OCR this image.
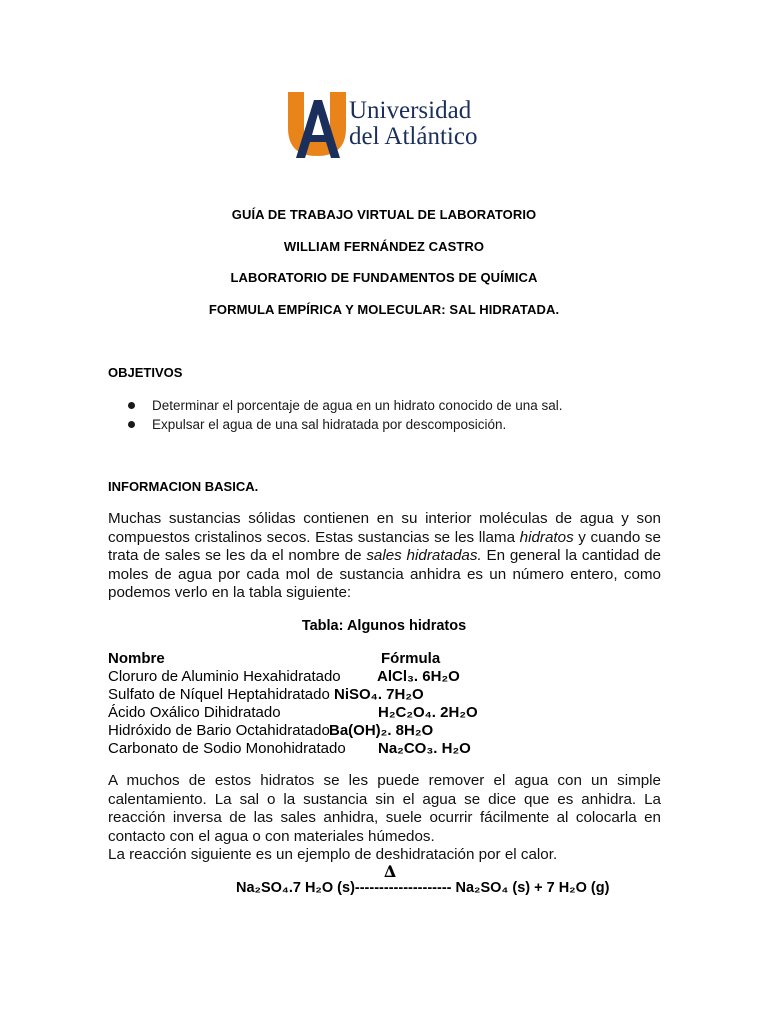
Universidad
del Atlántico
GUÍA DE TRABAJO VIRTUAL DE LABORATORIO
WILLIAM FERNÁNDEZ CASTRO
LABORATORIO DE FUNDAMENTOS DE QUÍMICA
FORMULA EMPÍRICA Y MOLECULAR: SAL HIDRATADA.
OBJETIVOS
Determinar el porcentaje de agua en un hidrato conocido de una sal.
Expulsar el agua de una sal hidratada por descomposición.
INFORMACION BASICA.
Muchas sustancias sólidas contienen en su interior moléculas de agua y son
compuestos cristalinos secos. Estas sustancias se les llama hidratos y cuando se
trata de sales se les da el nombre de sales hidratadas. En general la cantidad de
moles de agua por cada mol de sustancia anhidra es un número entero, como
podemos verlo en la tabla siguiente:
Tabla: Algunos hidratos
Nombre	Fórmula
Cloruro de Aluminio Hexahidratado AlCl₃. 6H₂O
Sulfato de Níquel Heptahidratado NiSO₄. 7H₂O
Ácido Oxálico Dihidratado	H₂C₂O₄. 2H₂O
Hidróxido de Bario Octahidratado Ba(OH)₂. 8H₂O
Carbonato de Sodio Monohidratado Na₂CO₃. H₂O
A muchos de estos hidratos se les puede remover el agua con un simple
calentamiento. La sal o la sustancia sin el agua se dice que es anhidra. La
reacción inversa de las sales anhidra, suele ocurrir fácilmente al colocarla en
contacto con el agua o con materiales húmedos.
La reacción siguiente es un ejemplo de deshidratación por el calor.
∆
Na₂SO₄.7 H₂O (s)-------------------- Na₂SO₄ (s) + 7 H₂O (g)
